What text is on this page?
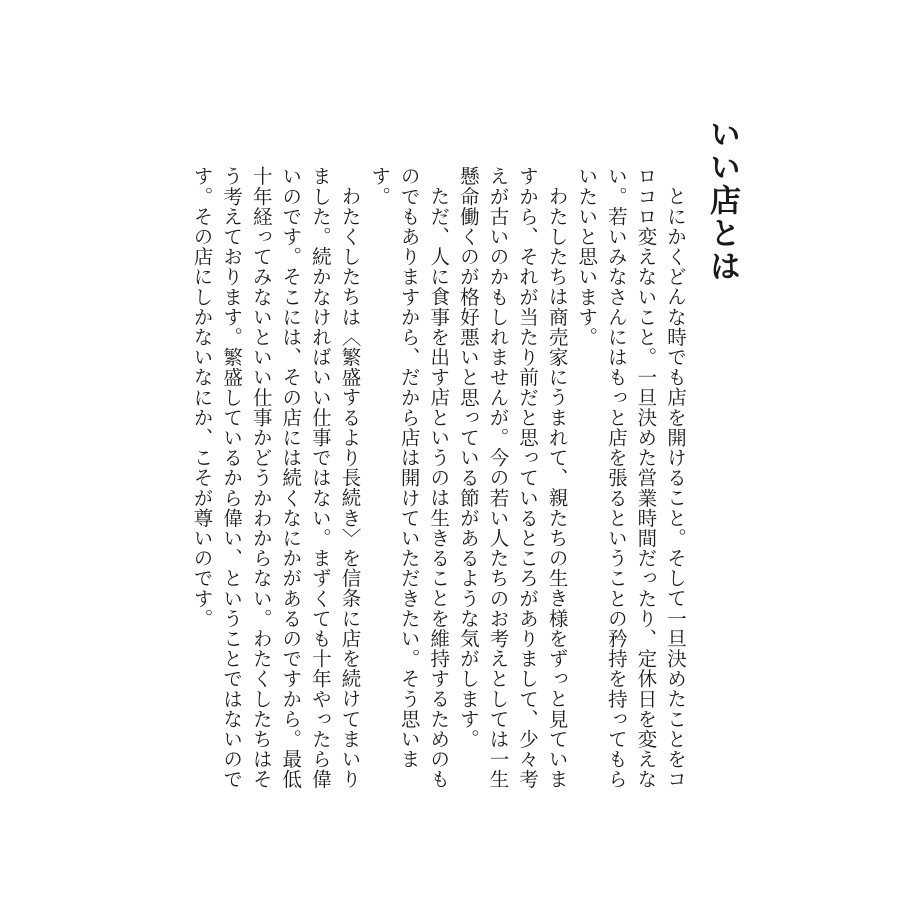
いい店とは

とにかくどんな時でも店を開けること。そして一旦決めたことをコロコロ変えないこと。一旦決めた営業時間だったり、定休日を変えない。若いみなさんにはもっと店を張るということの矜持を持ってもらいたいと思います。

わたしたちは商売家にうまれて、親たちの生き様をずっと見ていますから、それが当たり前だと思っているところがありまして、少々考えが古いのかもしれませんが。今の若い人たちのお考えとしては一生懸命働くのが格好悪いと思っている節があるような気がします。

ただ、人に食事を出す店というのは生きることを維持するためのものでもありますから、だから店は開けていただきたい。そう思います。

わたくしたちは〈繁盛するより長続き〉を信条に店を続けてまいりました。続かなければいい仕事ではない。まずくても十年やったら偉いのです。そこには、その店には続くなにかがあるのですから。最低十年経ってみないといい仕事かどうかわからない。わたくしたちはそう考えております。繁盛しているから偉い、ということではないのです。その店にしかないなにか、こそが尊いのです。
